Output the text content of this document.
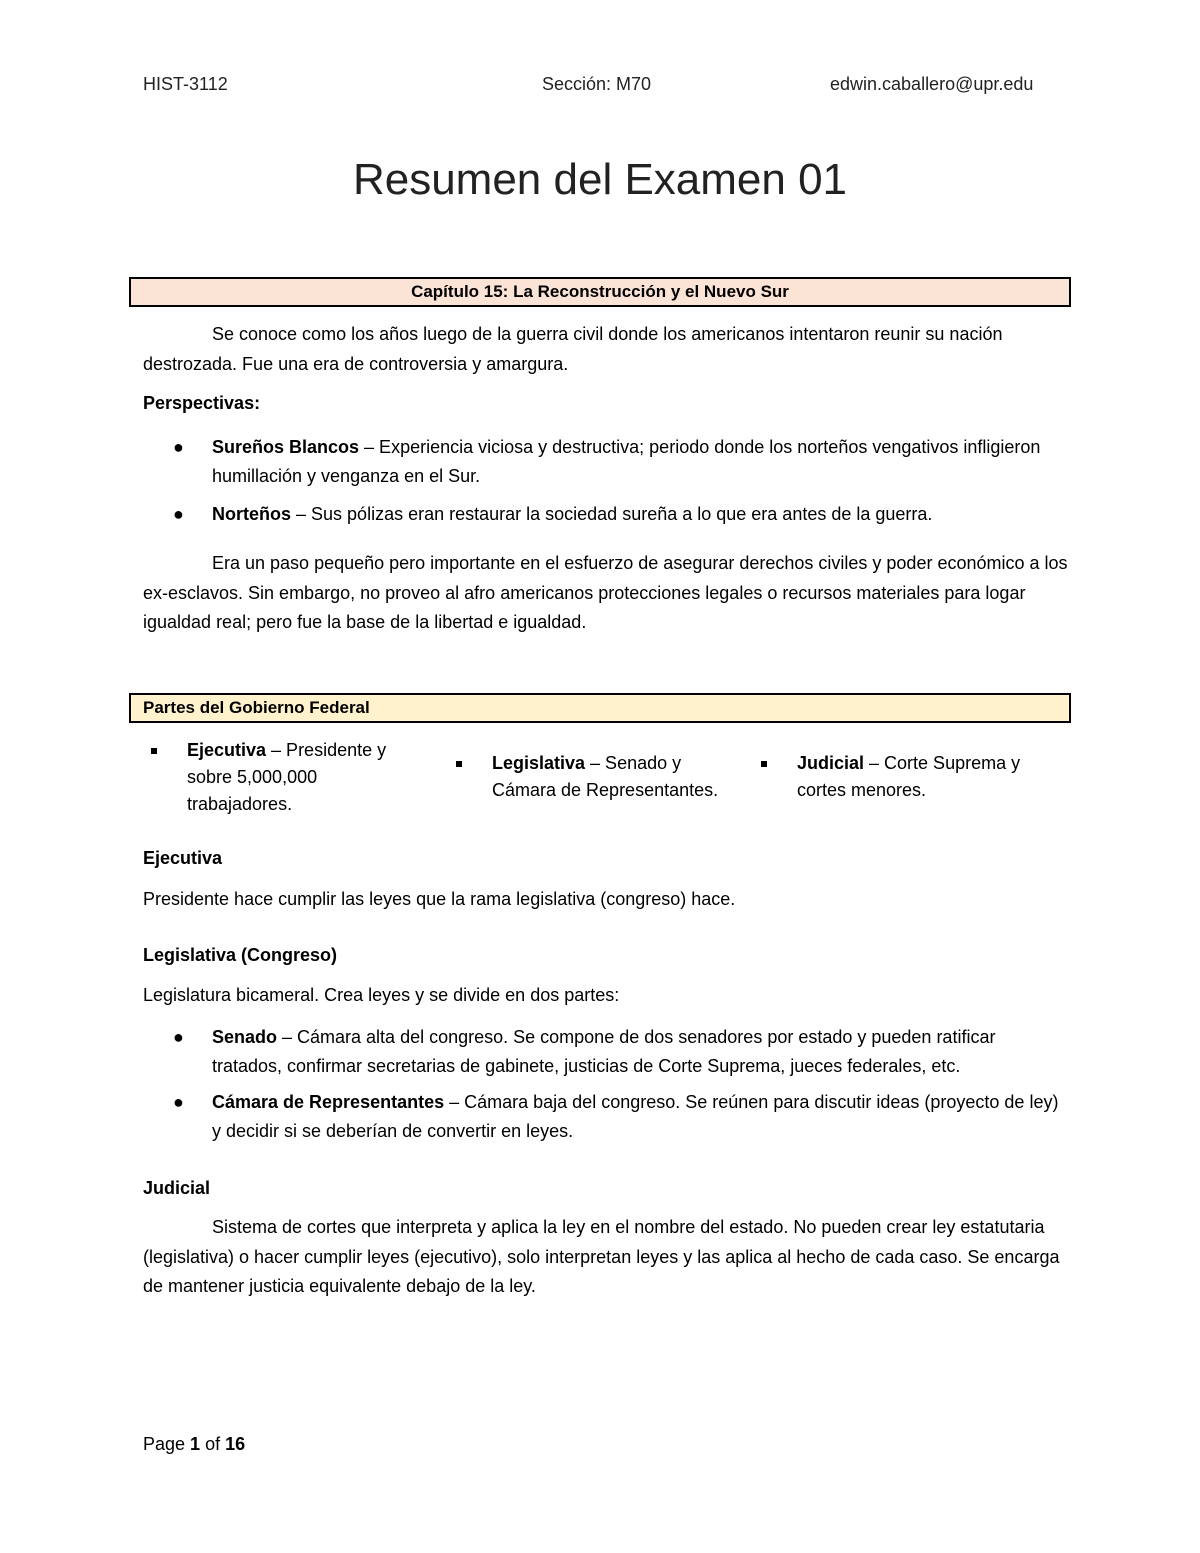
HIST-3112	Sección: M70	edwin.caballero@upr.edu
Resumen del Examen 01
Capítulo 15: La Reconstrucción y el Nuevo Sur
Se conoce como los años luego de la guerra civil donde los americanos intentaron reunir su nación destrozada. Fue una era de controversia y amargura.
Perspectivas:
● Sureños Blancos – Experiencia viciosa y destructiva; periodo donde los norteños vengativos infligieron humillación y venganza en el Sur.
● Norteños – Sus pólizas eran restaurar la sociedad sureña a lo que era antes de la guerra.
Era un paso pequeño pero importante en el esfuerzo de asegurar derechos civiles y poder económico a los ex-esclavos. Sin embargo, no proveo al afro americanos protecciones legales o recursos materiales para logar igualdad real; pero fue la base de la libertad e igualdad.
Partes del Gobierno Federal
Ejecutiva – Presidente y sobre 5,000,000 trabajadores.
Legislativa – Senado y Cámara de Representantes.
Judicial – Corte Suprema y cortes menores.
Ejecutiva
Presidente hace cumplir las leyes que la rama legislativa (congreso) hace.
Legislativa (Congreso)
Legislatura bicameral. Crea leyes y se divide en dos partes:
● Senado – Cámara alta del congreso. Se compone de dos senadores por estado y pueden ratificar tratados, confirmar secretarias de gabinete, justicias de Corte Suprema, jueces federales, etc.
● Cámara de Representantes – Cámara baja del congreso. Se reúnen para discutir ideas (proyecto de ley) y decidir si se deberían de convertir en leyes.
Judicial
Sistema de cortes que interpreta y aplica la ley en el nombre del estado. No pueden crear ley estatutaria (legislativa) o hacer cumplir leyes (ejecutivo), solo interpretan leyes y las aplica al hecho de cada caso. Se encarga de mantener justicia equivalente debajo de la ley.
Page 1 of 16
